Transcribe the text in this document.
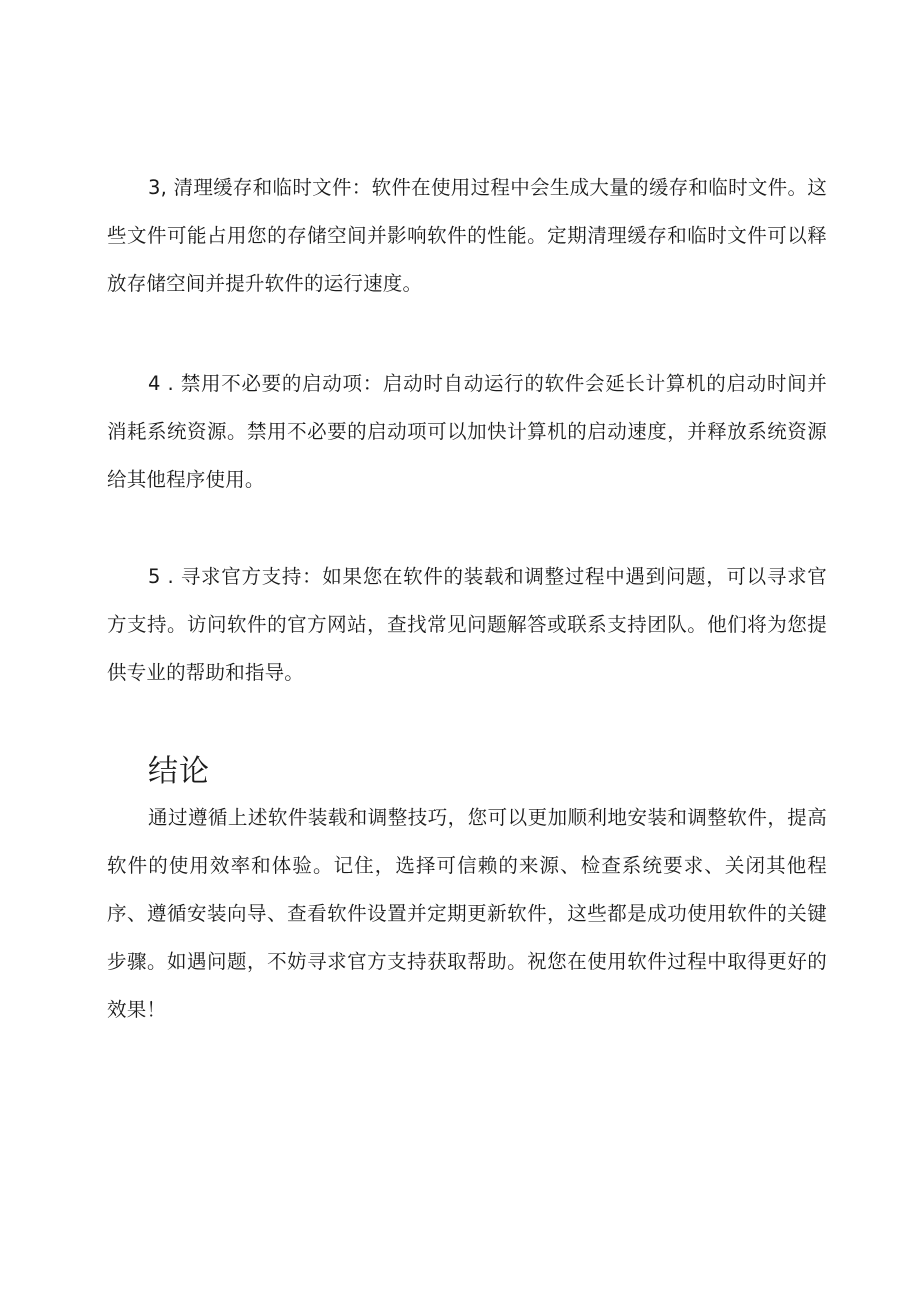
3, 清理缓存和临时文件：软件在使用过程中会生成大量的缓存和临时文件。这些文件可能占用您的存储空间并影响软件的性能。定期清理缓存和临时文件可以释放存储空间并提升软件的运行速度。

4 . 禁用不必要的启动项：启动时自动运行的软件会延长计算机的启动时间并消耗系统资源。禁用不必要的启动项可以加快计算机的启动速度，并释放系统资源给其他程序使用。

5 . 寻求官方支持：如果您在软件的装载和调整过程中遇到问题，可以寻求官方支持。访问软件的官方网站，查找常见问题解答或联系支持团队。他们将为您提供专业的帮助和指导。

结论

通过遵循上述软件装载和调整技巧，您可以更加顺利地安装和调整软件，提高软件的使用效率和体验。记住，选择可信赖的来源、检查系统要求、关闭其他程序、遵循安装向导、查看软件设置并定期更新软件，这些都是成功使用软件的关键步骤。如遇问题，不妨寻求官方支持获取帮助。祝您在使用软件过程中取得更好的效果！
